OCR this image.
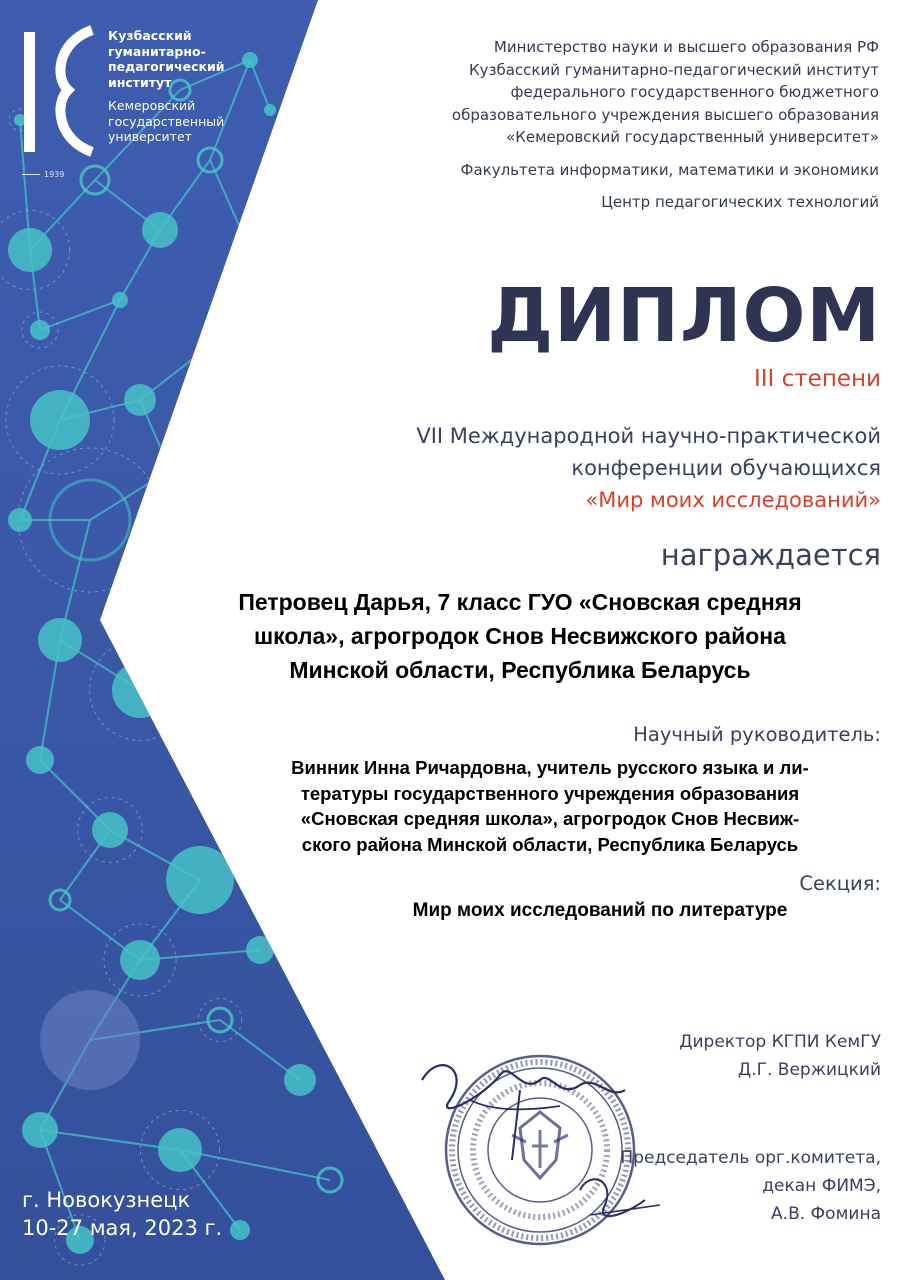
Кузбасский
гуманитарно-
педагогический
институт
Кемеровский
государственный
университет
1939
Министерство науки и высшего образования РФ
Кузбасский гуманитарно-педагогический институт
федерального государственного бюджетного
образовательного учреждения высшего образования
«Кемеровский государственный университет»
Факультета информатики, математики и экономики
Центр педагогических технологий
ДИПЛОМ
III степени
VII Международной научно-практической
конференции обучающихся
«Мир моих исследований»
награждается
Петровец Дарья, 7 класс ГУО «Сновская средняя
школа», агрогродок Снов Несвижского района
Минской области, Республика Беларусь
Научный руководитель:
Винник Инна Ричардовна, учитель русского языка и ли-
тературы государственного учреждения образования
«Сновская средняя школа», агрогродок Снов Несвиж-
ского района Минской области, Республика Беларусь
Секция:
Мир моих исследований по литературе
Директор КГПИ КемГУ
Д.Г. Вержицкий
Председатель орг.комитета,
декан ФИМЭ,
А.В. Фомина
г. Новокузнецк
10-27 мая, 2023 г.
